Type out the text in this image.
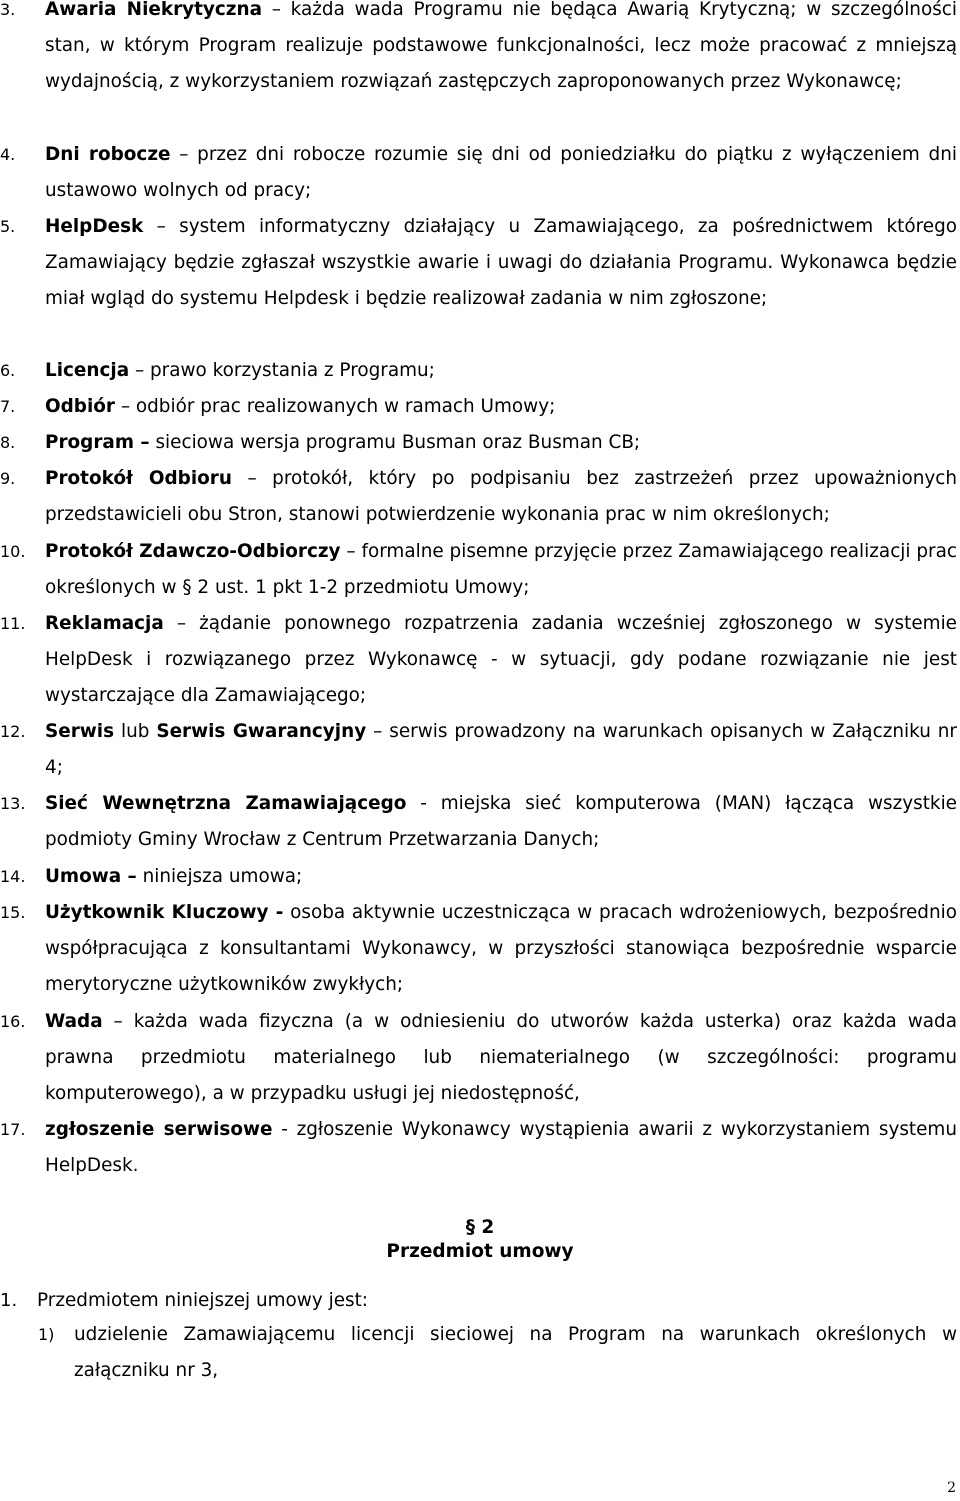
3. Awaria Niekrytyczna – każda wada Programu nie będąca Awarią Krytyczną; w szczególności stan, w którym Program realizuje podstawowe funkcjonalności, lecz może pracować z mniejszą wydajnością, z wykorzystaniem rozwiązań zastępczych zaproponowanych przez Wykonawcę;
4. Dni robocze – przez dni robocze rozumie się dni od poniedziałku do piątku z wyłączeniem dni ustawowo wolnych od pracy;
5. HelpDesk – system informatyczny działający u Zamawiającego, za pośrednictwem którego Zamawiający będzie zgłaszał wszystkie awarie i uwagi do działania Programu. Wykonawca będzie miał wgląd do systemu Helpdesk i będzie realizował zadania w nim zgłoszone;
6. Licencja – prawo korzystania z Programu;
7. Odbiór – odbiór prac realizowanych w ramach Umowy;
8. Program – sieciowa wersja programu Busman oraz Busman CB;
9. Protokół Odbioru – protokół, który po podpisaniu bez zastrzeżeń przez upoważnionych przedstawicieli obu Stron, stanowi potwierdzenie wykonania prac w nim określonych;
10. Protokół Zdawczo-Odbiorczy – formalne pisemne przyjęcie przez Zamawiającego realizacji prac określonych w § 2 ust. 1 pkt 1-2 przedmiotu Umowy;
11. Reklamacja – żądanie ponownego rozpatrzenia zadania wcześniej zgłoszonego w systemie HelpDesk i rozwiązanego przez Wykonawcę - w sytuacji, gdy podane rozwiązanie nie jest wystarczające dla Zamawiającego;
12. Serwis lub Serwis Gwarancyjny – serwis prowadzony na warunkach opisanych w Załączniku nr 4;
13. Sieć Wewnętrzna Zamawiającego - miejska sieć komputerowa (MAN) łącząca wszystkie podmioty Gminy Wrocław z Centrum Przetwarzania Danych;
14. Umowa – niniejsza umowa;
15. Użytkownik Kluczowy - osoba aktywnie uczestnicząca w pracach wdrożeniowych, bezpośrednio współpracująca z konsultantami Wykonawcy, w przyszłości stanowiąca bezpośrednie wsparcie merytoryczne użytkowników zwykłych;
16. Wada – każda wada fizyczna (a w odniesieniu do utworów każda usterka) oraz każda wada prawna przedmiotu materialnego lub niematerialnego (w szczególności: programu komputerowego), a w przypadku usługi jej niedostępność,
17. zgłoszenie serwisowe - zgłoszenie Wykonawcy wystąpienia awarii z wykorzystaniem systemu HelpDesk.
§ 2
Przedmiot umowy
1. Przedmiotem niniejszej umowy jest:
1) udzielenie Zamawiającemu licencji sieciowej na Program na warunkach określonych w załączniku nr 3,
2
